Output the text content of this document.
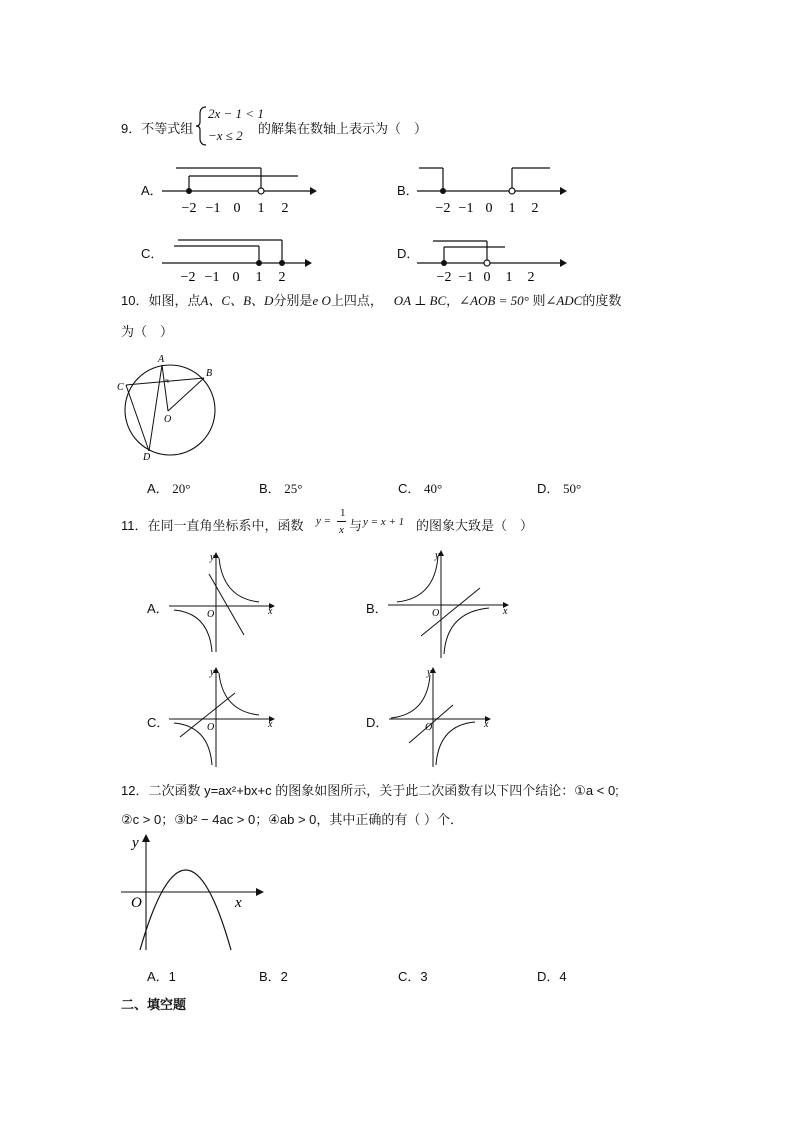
9．不等式组
2x − 1 < 1
−x ≤ 2 的解集在数轴上表示为（　）
A．	B．
C．	D．
−2 −1 0 1 2	−2 −1 0 1 2
−2 −1 0 1 2	−2 −1 0 1 2
10．如图，点A、C、B、D分别是e O上四点， OA ⊥ BC，∠AOB = 50° 则∠ADC的度数
为（　）
A
B
C
D
O
A． 20°	B． 25°	C． 40°	D． 50°
11．在同一直角坐标系中，函数 y =
1
x 与 y = x + 1 的图象大致是（　）
A．	B．
C．	D．
y
x
O
y
x
O
y
x
O
y
x
O
12．二次函数 y=ax²+bx+c 的图象如图所示，关于此二次函数有以下四个结论：①a < 0;
②c > 0；③b² − 4ac > 0；④ab > 0，其中正确的有（ ）个．
y
x
O
A．1	B．2	C．3	D．4
二、填空题
